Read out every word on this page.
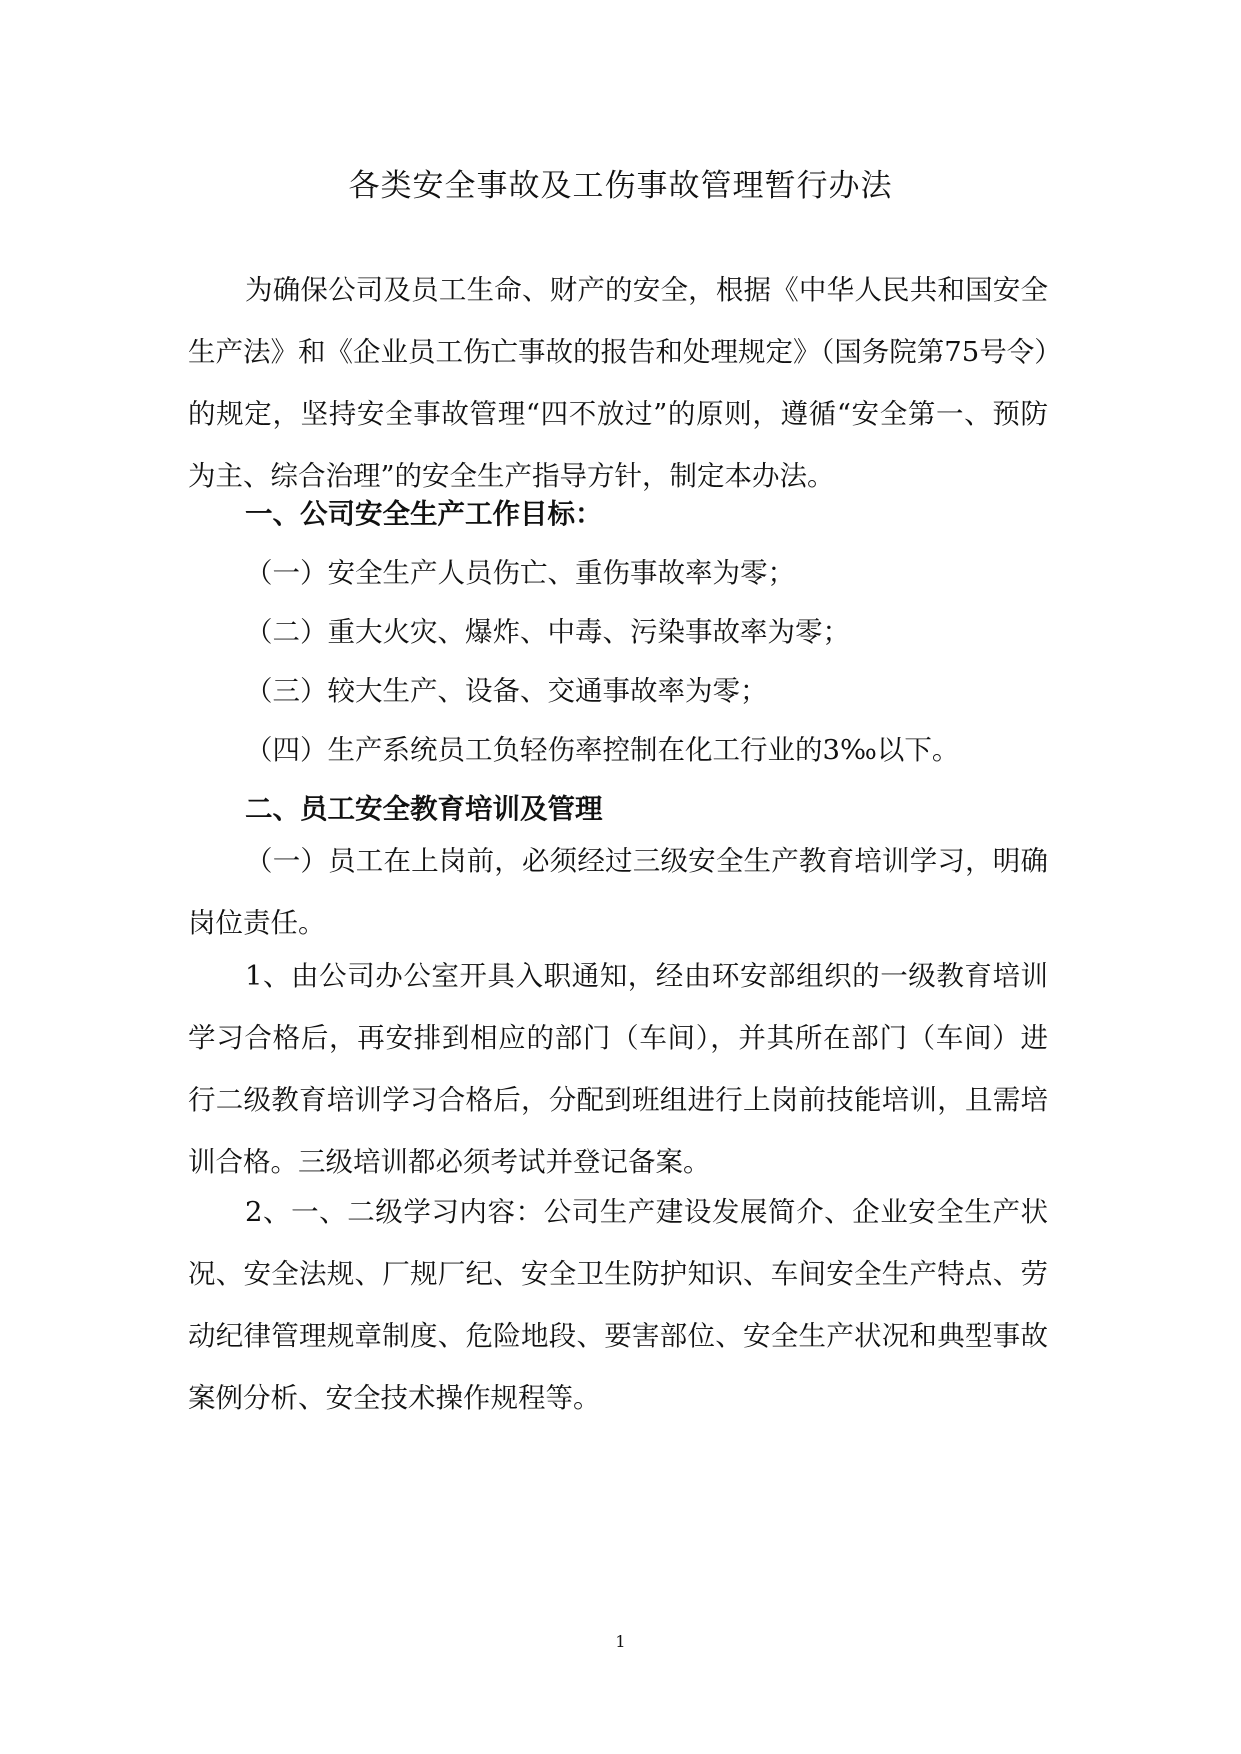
各类安全事故及工伤事故管理暂行办法

为确保公司及员工生命、财产的安全，根据《中华人民共和国安全生产法》和《企业员工伤亡事故的报告和处理规定》（国务院第75号令）的规定，坚持安全事故管理“四不放过”的原则，遵循“安全第一、预防为主、综合治理”的安全生产指导方针，制定本办法。

一、公司安全生产工作目标：

（一）安全生产人员伤亡、重伤事故率为零；

（二）重大火灾、爆炸、中毒、污染事故率为零；

（三）较大生产、设备、交通事故率为零；

（四）生产系统员工负轻伤率控制在化工行业的3‰以下。

二、员工安全教育培训及管理

（一）员工在上岗前，必须经过三级安全生产教育培训学习，明确岗位责任。

1、由公司办公室开具入职通知，经由环安部组织的一级教育培训学习合格后，再安排到相应的部门（车间），并其所在部门（车间）进行二级教育培训学习合格后，分配到班组进行上岗前技能培训，且需培训合格。三级培训都必须考试并登记备案。

2、一、二级学习内容：公司生产建设发展简介、企业安全生产状况、安全法规、厂规厂纪、安全卫生防护知识、车间安全生产特点、劳动纪律管理规章制度、危险地段、要害部位、安全生产状况和典型事故案例分析、安全技术操作规程等。

1
